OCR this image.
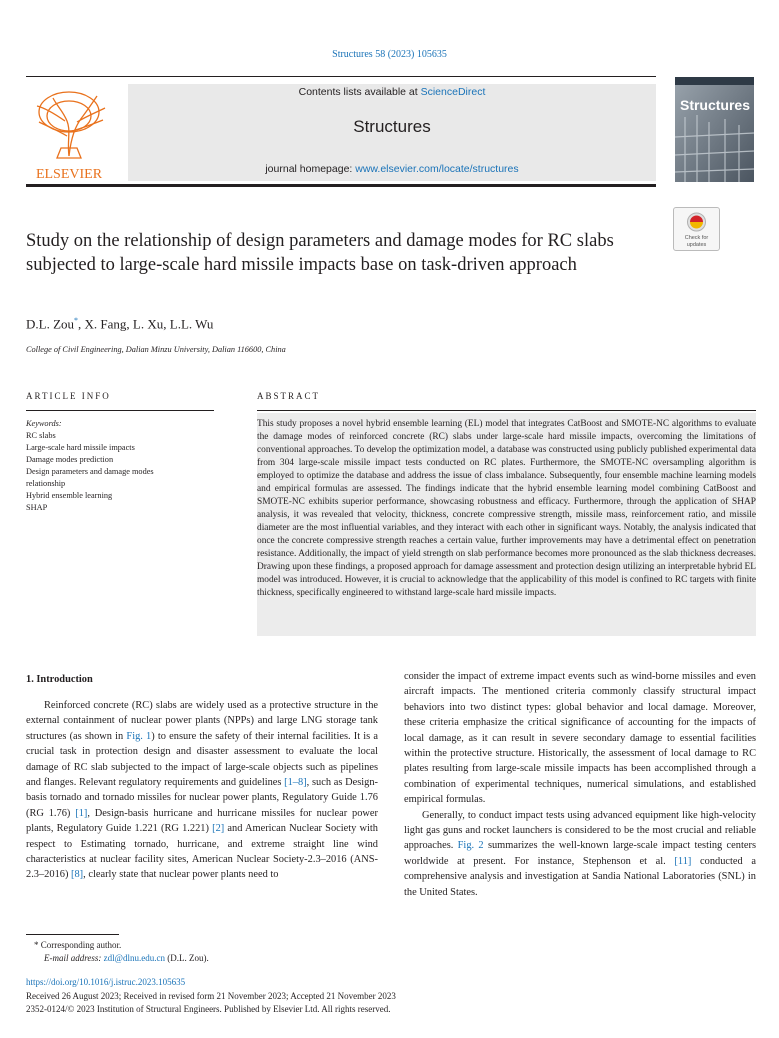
Structures 58 (2023) 105635
ELSEVIER
Contents lists available at ScienceDirect
Structures
journal homepage: www.elsevier.com/locate/structures
Structures
Check for
updates
Study on the relationship of design parameters and damage modes for RC slabs subjected to large-scale hard missile impacts base on task-driven approach
D.L. Zou*, X. Fang, L. Xu, L.L. Wu
College of Civil Engineering, Dalian Minzu University, Dalian 116600, China
ARTICLE INFO	ABSTRACT
Keywords:
RC slabs
Large-scale hard missile impacts
Damage modes prediction
Design parameters and damage modes relationship
Hybrid ensemble learning
SHAP
This study proposes a novel hybrid ensemble learning (EL) model that integrates CatBoost and SMOTE-NC algorithms to evaluate the damage modes of reinforced concrete (RC) slabs under large-scale hard missile impacts, overcoming the limitations of conventional approaches. To develop the optimization model, a database was constructed using publicly published experimental data from 304 large-scale missile impact tests conducted on RC plates. Furthermore, the SMOTE-NC oversampling algorithm is employed to optimize the database and address the issue of class imbalance. Subsequently, four ensemble machine learning models and empirical formulas are assessed. The findings indicate that the hybrid ensemble learning model combining CatBoost and SMOTE-NC exhibits superior performance, showcasing robustness and efficacy. Furthermore, through the application of SHAP analysis, it was revealed that velocity, thickness, concrete compressive strength, missile mass, reinforcement ratio, and missile diameter are the most influential variables, and they interact with each other in significant ways. Notably, the analysis indicated that once the concrete compressive strength reaches a certain value, further improvements may have a detrimental effect on penetration resistance. Additionally, the impact of yield strength on slab performance becomes more pronounced as the slab thickness decreases. Drawing upon these findings, a proposed approach for damage assessment and protection design utilizing an interpretable hybrid EL model was introduced. However, it is crucial to acknowledge that the applicability of this model is confined to RC targets with finite thickness, specifically engineered to withstand large-scale hard missile impacts.
1. Introduction

Reinforced concrete (RC) slabs are widely used as a protective structure in the external containment of nuclear power plants (NPPs) and large LNG storage tank structures (as shown in Fig. 1) to ensure the safety of their internal facilities. It is a crucial task in protection design and disaster assessment to evaluate the local damage of RC slab subjected to the impact of large-scale objects such as pipelines and flanges. Relevant regulatory requirements and guidelines [1–8], such as Design-basis tornado and tornado missiles for nuclear power plants, Regulatory Guide 1.76 (RG 1.76) [1], Design-basis hurricane and hurricane missiles for nuclear power plants, Regulatory Guide 1.221 (RG 1.221) [2] and American Nuclear Society with respect to Estimating tornado, hurricane, and extreme straight line wind characteristics at nuclear facility sites, American Nuclear Society-2.3–2016 (ANS-2.3–2016) [8], clearly state that nuclear power plants need to

consider the impact of extreme impact events such as wind-borne missiles and even aircraft impacts. The mentioned criteria commonly classify structural impact behaviors into two distinct types: global behavior and local damage. Moreover, these criteria emphasize the critical significance of accounting for the impacts of local damage, as it can result in severe secondary damage to essential facilities within the protective structure. Historically, the assessment of local damage to RC plates resulting from large-scale missile impacts has been accomplished through a combination of experimental techniques, numerical simulations, and established empirical formulas.

Generally, to conduct impact tests using advanced equipment like high-velocity light gas guns and rocket launchers is considered to be the most crucial and reliable approaches. Fig. 2 summarizes the well-known large-scale impact testing centers worldwide at present. For instance, Stephenson et al. [11] conducted a comprehensive analysis and investigation at Sandia National Laboratories (SNL) in the United States.

* Corresponding author.
E-mail address: zdl@dlnu.edu.cn (D.L. Zou).
https://doi.org/10.1016/j.istruc.2023.105635
Received 26 August 2023; Received in revised form 21 November 2023; Accepted 21 November 2023
2352-0124/© 2023 Institution of Structural Engineers. Published by Elsevier Ltd. All rights reserved.
